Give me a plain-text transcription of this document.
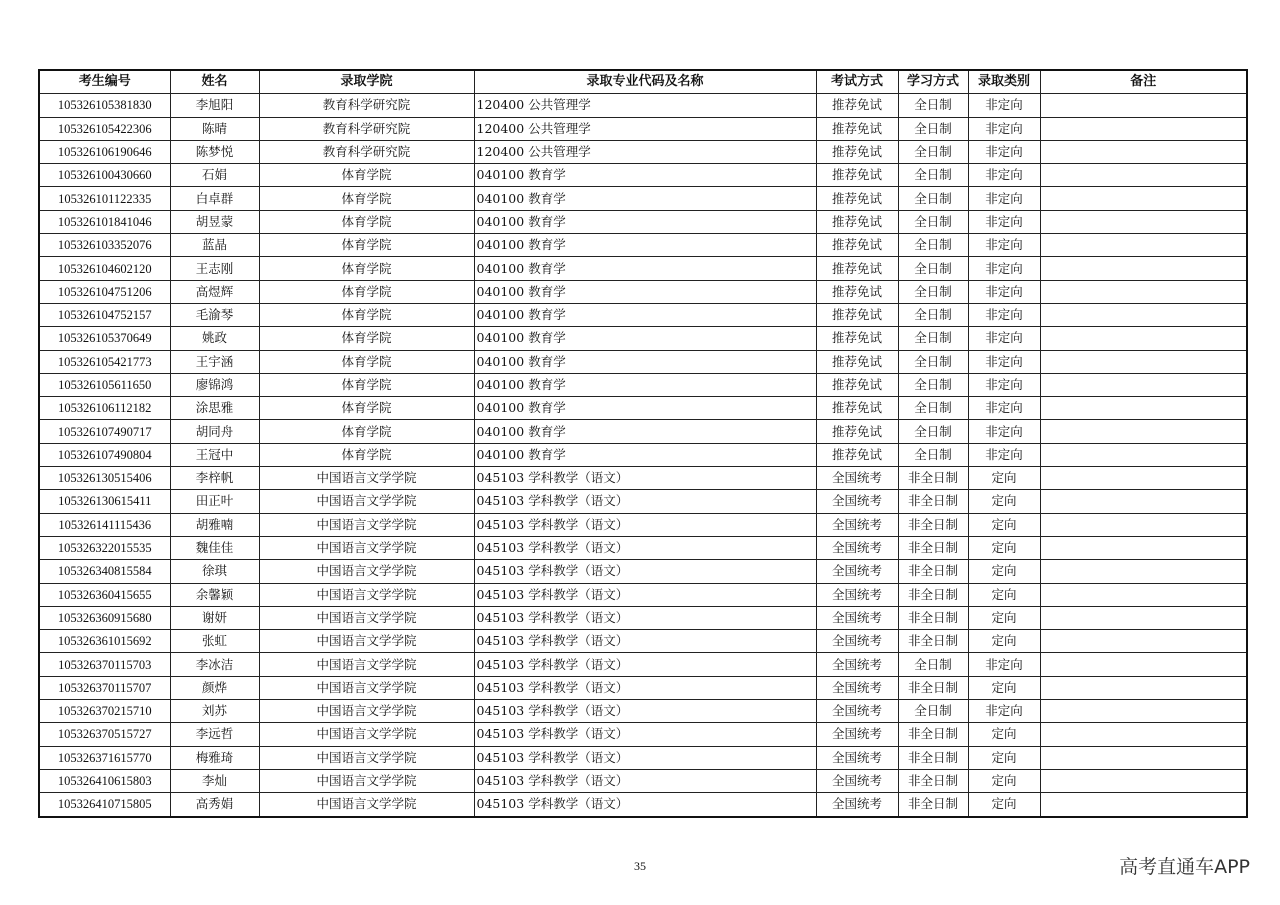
考生编号	姓名	录取学院	录取专业代码及名称	考试方式	学习方式	录取类别	备注
105326105381830	李旭阳	教育科学研究院	120400 公共管理学	推荐免试	全日制	非定向	
105326105422306	陈晴	教育科学研究院	120400 公共管理学	推荐免试	全日制	非定向	
105326106190646	陈梦悦	教育科学研究院	120400 公共管理学	推荐免试	全日制	非定向	
105326100430660	石娟	体育学院	040100 教育学	推荐免试	全日制	非定向	
105326101122335	白卓群	体育学院	040100 教育学	推荐免试	全日制	非定向	
105326101841046	胡昱蒙	体育学院	040100 教育学	推荐免试	全日制	非定向	
105326103352076	蓝晶	体育学院	040100 教育学	推荐免试	全日制	非定向	
105326104602120	王志刚	体育学院	040100 教育学	推荐免试	全日制	非定向	
105326104751206	高煜辉	体育学院	040100 教育学	推荐免试	全日制	非定向	
105326104752157	毛渝琴	体育学院	040100 教育学	推荐免试	全日制	非定向	
105326105370649	姚政	体育学院	040100 教育学	推荐免试	全日制	非定向	
105326105421773	王宇涵	体育学院	040100 教育学	推荐免试	全日制	非定向	
105326105611650	廖锦鸿	体育学院	040100 教育学	推荐免试	全日制	非定向	
105326106112182	涂思雅	体育学院	040100 教育学	推荐免试	全日制	非定向	
105326107490717	胡同舟	体育学院	040100 教育学	推荐免试	全日制	非定向	
105326107490804	王冠中	体育学院	040100 教育学	推荐免试	全日制	非定向	
105326130515406	李梓帆	中国语言文学学院	045103 学科教学（语文）	全国统考	非全日制	定向	
105326130615411	田正叶	中国语言文学学院	045103 学科教学（语文）	全国统考	非全日制	定向	
105326141115436	胡雅喃	中国语言文学学院	045103 学科教学（语文）	全国统考	非全日制	定向	
105326322015535	魏佳佳	中国语言文学学院	045103 学科教学（语文）	全国统考	非全日制	定向	
105326340815584	徐琪	中国语言文学学院	045103 学科教学（语文）	全国统考	非全日制	定向	
105326360415655	余馨颖	中国语言文学学院	045103 学科教学（语文）	全国统考	非全日制	定向	
105326360915680	谢妍	中国语言文学学院	045103 学科教学（语文）	全国统考	非全日制	定向	
105326361015692	张虹	中国语言文学学院	045103 学科教学（语文）	全国统考	非全日制	定向	
105326370115703	李冰洁	中国语言文学学院	045103 学科教学（语文）	全国统考	全日制	非定向	
105326370115707	颜烨	中国语言文学学院	045103 学科教学（语文）	全国统考	非全日制	定向	
105326370215710	刘苏	中国语言文学学院	045103 学科教学（语文）	全国统考	全日制	非定向	
105326370515727	李远哲	中国语言文学学院	045103 学科教学（语文）	全国统考	非全日制	定向	
105326371615770	梅雅琦	中国语言文学学院	045103 学科教学（语文）	全国统考	非全日制	定向	
105326410615803	李灿	中国语言文学学院	045103 学科教学（语文）	全国统考	非全日制	定向	
105326410715805	高秀娟	中国语言文学学院	045103 学科教学（语文）	全国统考	非全日制	定向	
35	高考直通车APP
